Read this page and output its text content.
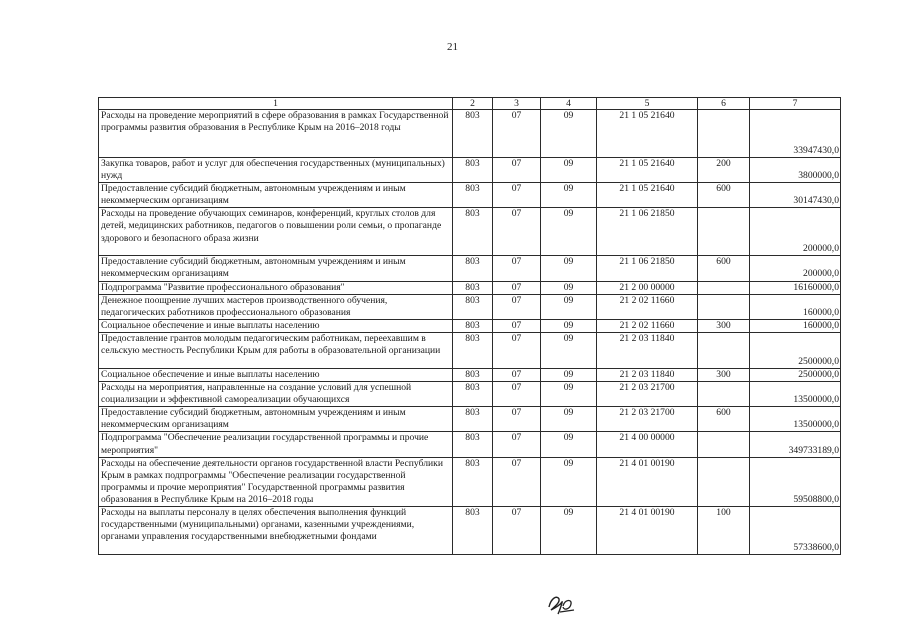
21
1	2	3	4	5	6	7
Расходы на проведение мероприятий в сфере образования в рамках Государственной программы развития образования в Республике Крым на 2016–2018 годы	803	07	09	21 1 05 21640		33947430,0
Закупка товаров, работ и услуг для обеспечения государственных (муниципальных) нужд	803	07	09	21 1 05 21640	200	3800000,0
Предоставление субсидий бюджетным, автономным учреждениям и иным некоммерческим организациям	803	07	09	21 1 05 21640	600	30147430,0
Расходы на проведение обучающих семинаров, конференций, круглых столов для детей, медицинских работников, педагогов о повышении роли семьи, о пропаганде здорового и безопасного образа жизни	803	07	09	21 1 06 21850		200000,0
Предоставление субсидий бюджетным, автономным учреждениям и иным некоммерческим организациям	803	07	09	21 1 06 21850	600	200000,0
Подпрограмма "Развитие профессионального образования"	803	07	09	21 2 00 00000		16160000,0
Денежное поощрение лучших мастеров производственного обучения, педагогических работников профессионального образования	803	07	09	21 2 02 11660		160000,0
Социальное обеспечение и иные выплаты населению	803	07	09	21 2 02 11660	300	160000,0
Предоставление грантов молодым педагогическим работникам, переехавшим в сельскую местность Республики Крым для работы в образовательной организации	803	07	09	21 2 03 11840		2500000,0
Социальное обеспечение и иные выплаты населению	803	07	09	21 2 03 11840	300	2500000,0
Расходы на мероприятия, направленные на создание условий для успешной социализации и эффективной самореализации обучающихся	803	07	09	21 2 03 21700		13500000,0
Предоставление субсидий бюджетным, автономным учреждениям и иным некоммерческим организациям	803	07	09	21 2 03 21700	600	13500000,0
Подпрограмма "Обеспечение реализации государственной программы и прочие мероприятия"	803	07	09	21 4 00 00000		349733189,0
Расходы на обеспечение деятельности органов государственной власти Республики Крым в рамках подпрограммы "Обеспечение реализации государственной программы и прочие мероприятия" Государственной программы развития образования в Республике Крым на 2016–2018 годы	803	07	09	21 4 01 00190		59508800,0
Расходы на выплаты персоналу в целях обеспечения выполнения функций государственными (муниципальными) органами, казенными учреждениями, органами управления государственными внебюджетными фондами	803	07	09	21 4 01 00190	100	57338600,0
